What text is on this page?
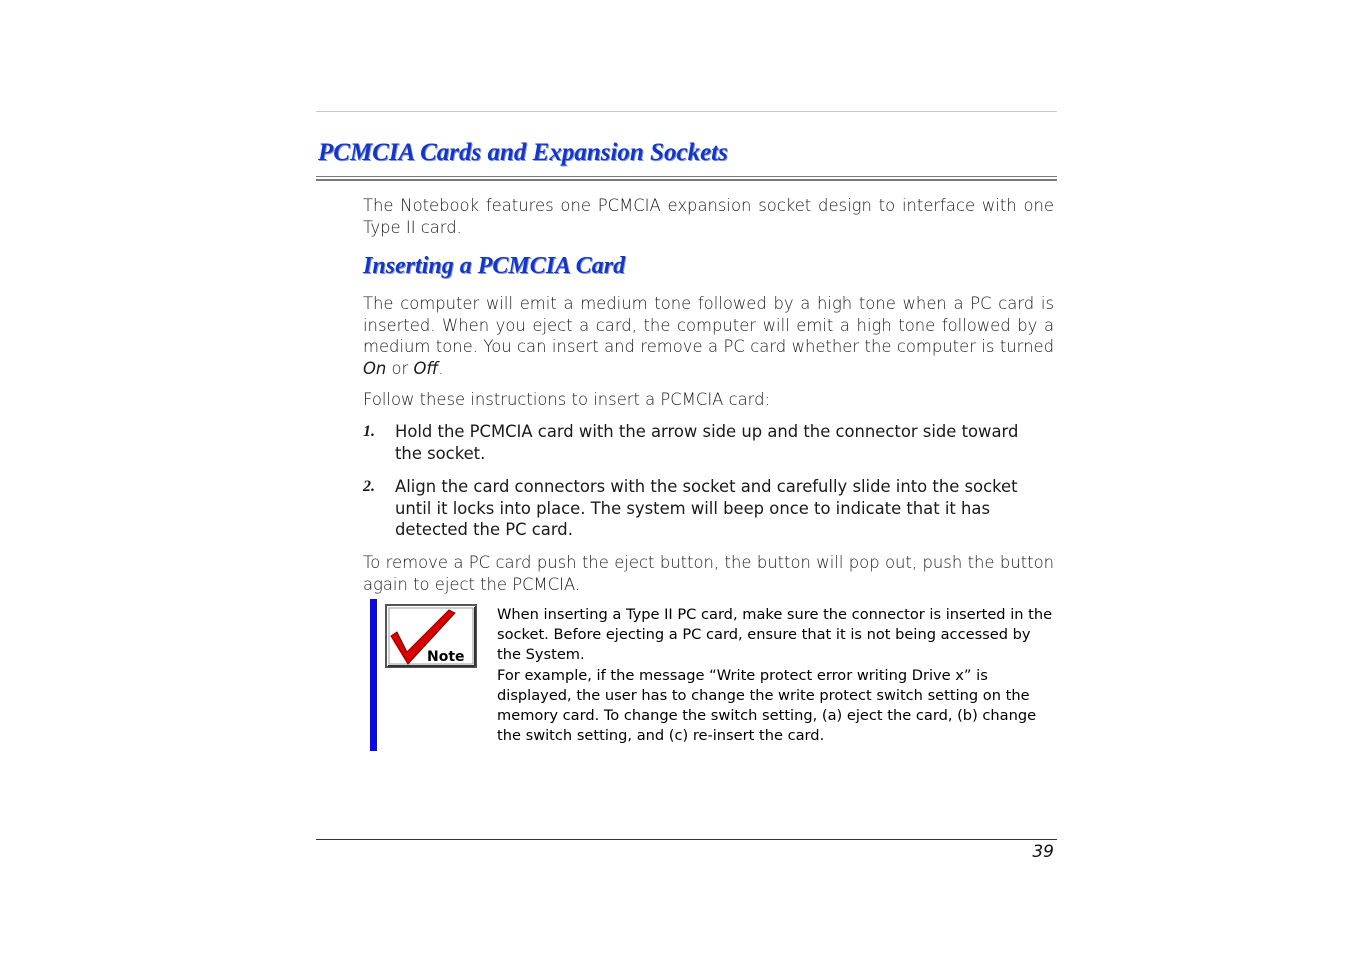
PCMCIA Cards and Expansion Sockets

The Notebook features one PCMCIA expansion socket design to interface with one Type II card.

Inserting a PCMCIA Card

The computer will emit a medium tone followed by a high tone when a PC card is inserted. When you eject a card, the computer will emit a high tone followed by a medium tone. You can insert and remove a PC card whether the computer is turned On or Off.

Follow these instructions to insert a PCMCIA card:

1. Hold the PCMCIA card with the arrow side up and the connector side toward the socket.

2. Align the card connectors with the socket and carefully slide into the socket until it locks into place. The system will beep once to indicate that it has detected the PC card.

To remove a PC card push the eject button, the button will pop out, push the button again to eject the PCMCIA.

Note
When inserting a Type II PC card, make sure the connector is inserted in the socket. Before ejecting a PC card, ensure that it is not being accessed by the System.
For example, if the message “Write protect error writing Drive x” is displayed, the user has to change the write protect switch setting on the memory card. To change the switch setting, (a) eject the card, (b) change the switch setting, and (c) re-insert the card.
39
